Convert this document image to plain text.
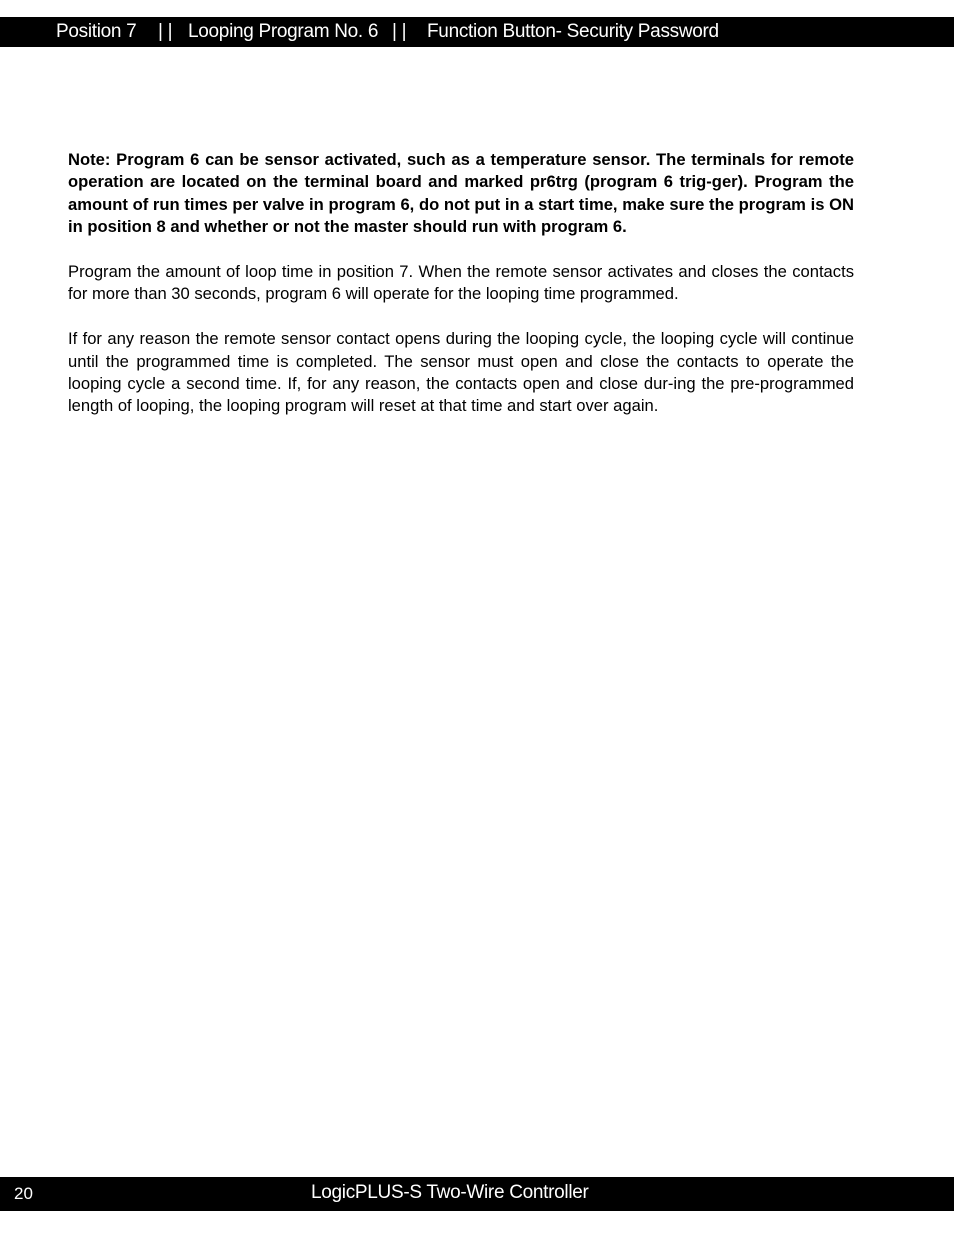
Position 7 | | Looping Program No. 6 | | Function Button- Security Password

Note: Program 6 can be sensor activated, such as a temperature sensor. The terminals for remote operation are located on the terminal board and marked pr6trg (program 6 trig-ger). Program the amount of run times per valve in program 6, do not put in a start time, make sure the program is ON in position 8 and whether or not the master should run with program 6.

Program the amount of loop time in position 7. When the remote sensor activates and closes the contacts for more than 30 seconds, program 6 will operate for the looping time programmed.

If for any reason the remote sensor contact opens during the looping cycle, the looping cycle will continue until the programmed time is completed. The sensor must open and close the contacts to operate the looping cycle a second time. If, for any reason, the contacts open and close dur-ing the pre-programmed length of looping, the looping program will reset at that time and start over again.

20	LogicPLUS-S Two-Wire Controller
